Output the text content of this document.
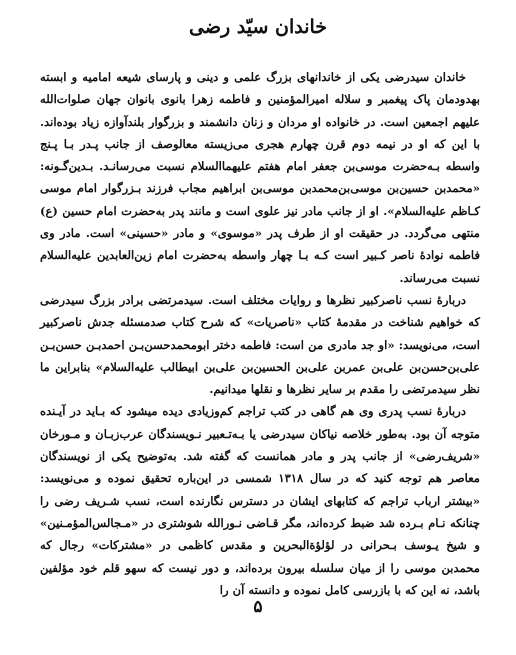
خاندان سیّد رضی

خاندان سیدرضی یکی از خاندانهای بزرگ علمی و دینی و پارسای شیعه امامیه و ابسته بهدودمان پاک پیغمبر و سلاله امیرالمؤمنین و فاطمه زهرا بانوی بانوان جهان صلوات‌الله علیهم اجمعین است. در خانواده او مردان و زنان دانشمند و بزرگوار بلندآوازه زیاد بوده‌اند. با این که او در نیمه دوم قرن چهارم هجری می‌زیسته معالوصف از جانب پـدر بـا پـنج واسطه بـه‌حضرت موسی‌بن جعفر امام هفتم علیهما‌السلام نسبت می‌رسانـد. بـدین‌گـونه: «محمدبن حسین‌بن موسی‌بن‌محمدبن موسی‌بن ابراهیم مجاب فرزند بـزرگوار امام موسی کـاظم علیه‌السلام». او از جانب مادر نیز علوی است و مانند پدر به‌حضرت امام حسین (ع) منتهی می‌گردد. در حقیقت او از طرف پدر «موسوی» و مادر «حسینی» است. مادر وی فاطمه نوادهٔ ناصر کـبیر است کـه بـا چهار واسطه به‌حضرت امام زین‌العابدین علیه‌السلام نسبت می‌رساند.

دربارهٔ نسب ناصرکبیر نظرها و روایات مختلف است. سیدمرتضی برادر بزرگ سیدرضی که خواهیم شناخت در مقدمهٔ کتاب «ناصریات» که شرح کتاب صدمسئله جدش ناصرکبیر است، می‌نویسد: «او جد مادری من است: فاطمه دختر ابومحمدحسن‌بـن احمدبـن حسن‌بـن علی‌بن‌حسن‌بن علی‌بن عمر‌بن علی‌بن الحسین‌بن علی‌بن ابیطالب علیه‌السلام» بنابراین ما نظر سیدمرتضی را مقدم بر سایر نظرها و نقلها میدانیم.

دربارهٔ نسب پدری وی هم گاهی در کتب تراجم کم‌وزیادی دیده میشود که بـاید در آیـنده متوجه آن بود. به‌طور خلاصه نیاکان سیدرضی یا بـه‌تـعبیر نـویسندگان عرب‌زبـان و مـورخان «شریف‌رضی» از جانب پدر و مادر همانست که گفته شد. به‌توضیح یکی از نویسندگان معاصر هم توجه کنید که در سال ۱۳۱۸ شمسی در این‌باره تحقیق نموده و می‌نویسد: «بیشتر ارباب تراجم که کتابهای ایشان در دسترس نگارنده است، نسب شـریف رضی را چنانکه نـام بـرده شد ضبط کرده‌اند، مگر قـاضی نـورالله شوشتری در «مـجالس‌المؤمـنین» و شیخ یـوسف بـحرانی در لؤلؤةالبحرین و مقدس کاظمی در «مشترکات» رجال که محمدبن موسی را از میان سلسله بیرون برده‌اند، و دور نیست که سهو قلم خود مؤلفین باشد، نه این که با بازرسی کامل نموده و دانسته آن را

۵
